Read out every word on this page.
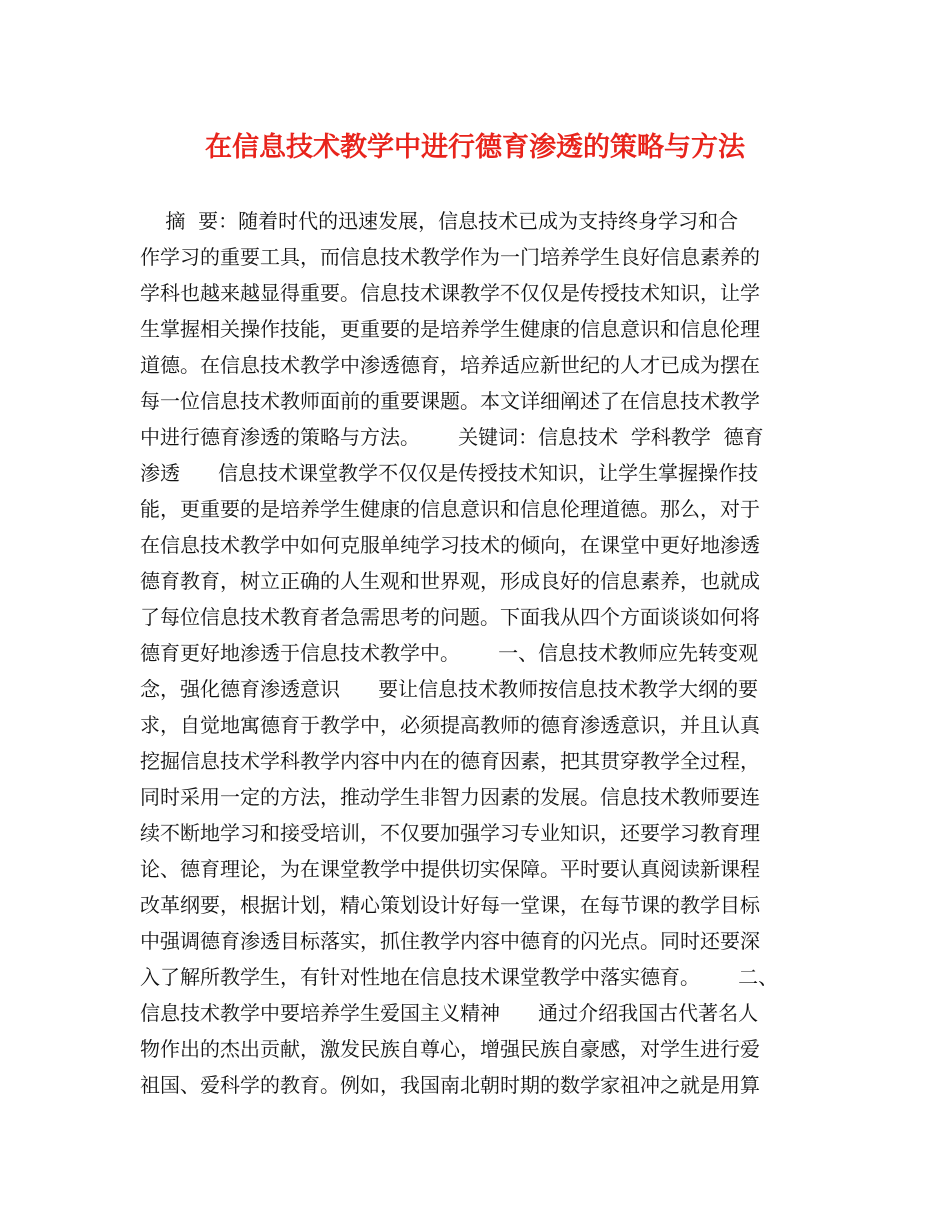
在信息技术教学中进行德育渗透的策略与方法
摘  要：随着时代的迅速发展，信息技术已成为支持终身学习和合
作学习的重要工具，而信息技术教学作为一门培养学生良好信息素养的
学科也越来越显得重要。信息技术课教学不仅仅是传授技术知识，让学
生掌握相关操作技能，更重要的是培养学生健康的信息意识和信息伦理
道德。在信息技术教学中渗透德育，培养适应新世纪的人才已成为摆在
每一位信息技术教师面前的重要课题。本文详细阐述了在信息技术教学
中进行德育渗透的策略与方法。      关键词：信息技术  学科教学  德育
渗透      信息技术课堂教学不仅仅是传授技术知识，让学生掌握操作技
能，更重要的是培养学生健康的信息意识和信息伦理道德。那么，对于
在信息技术教学中如何克服单纯学习技术的倾向，在课堂中更好地渗透
德育教育，树立正确的人生观和世界观，形成良好的信息素养，也就成
了每位信息技术教育者急需思考的问题。下面我从四个方面谈谈如何将
德育更好地渗透于信息技术教学中。      一、信息技术教师应先转变观
念，强化德育渗透意识      要让信息技术教师按信息技术教学大纲的要
求，自觉地寓德育于教学中，必须提高教师的德育渗透意识，并且认真
挖掘信息技术学科教学内容中内在的德育因素，把其贯穿教学全过程，
同时采用一定的方法，推动学生非智力因素的发展。信息技术教师要连
续不断地学习和接受培训，不仅要加强学习专业知识，还要学习教育理
论、德育理论，为在课堂教学中提供切实保障。平时要认真阅读新课程
改革纲要，根据计划，精心策划设计好每一堂课，在每节课的教学目标
中强调德育渗透目标落实，抓住教学内容中德育的闪光点。同时还要深
入了解所教学生，有针对性地在信息技术课堂教学中落实德育。      二、
信息技术教学中要培养学生爱国主义精神      通过介绍我国古代著名人
物作出的杰出贡献，激发民族自尊心，增强民族自豪感，对学生进行爱
祖国、爱科学的教育。例如，我国南北朝时期的数学家祖冲之就是用算
